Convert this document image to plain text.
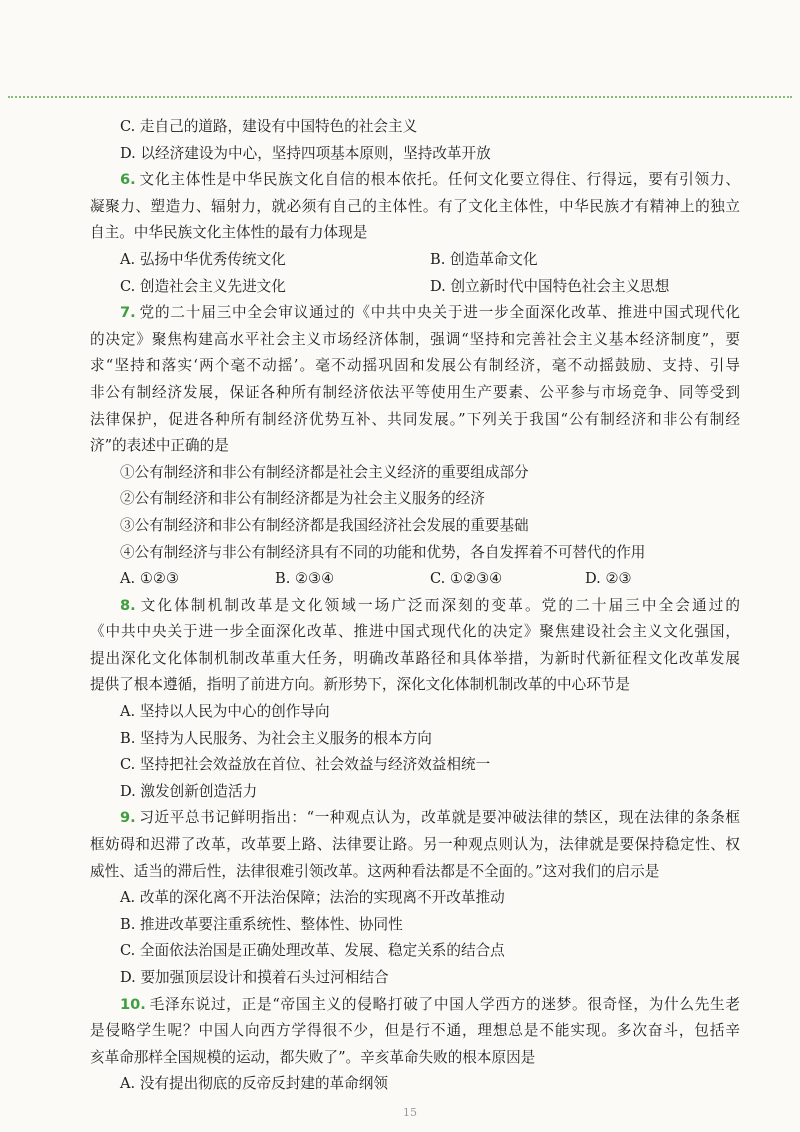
C. 走自己的道路，建设有中国特色的社会主义
D. 以经济建设为中心，坚持四项基本原则，坚持改革开放
6. 文化主体性是中华民族文化自信的根本依托。任何文化要立得住、行得远，要有引领力、
凝聚力、塑造力、辐射力，就必须有自己的主体性。有了文化主体性，中华民族才有精神上的独立
自主。中华民族文化主体性的最有力体现是
A. 弘扬中华优秀传统文化	B. 创造革命文化
C. 创造社会主义先进文化	D. 创立新时代中国特色社会主义思想
7. 党的二十届三中全会审议通过的《中共中央关于进一步全面深化改革、推进中国式现代化
的决定》聚焦构建高水平社会主义市场经济体制，强调“坚持和完善社会主义基本经济制度”，要
求“坚持和落实‘两个毫不动摇’。毫不动摇巩固和发展公有制经济，毫不动摇鼓励、支持、引导
非公有制经济发展，保证各种所有制经济依法平等使用生产要素、公平参与市场竞争、同等受到
法律保护，促进各种所有制经济优势互补、共同发展。”下列关于我国“公有制经济和非公有制经
济”的表述中正确的是
①公有制经济和非公有制经济都是社会主义经济的重要组成部分
②公有制经济和非公有制经济都是为社会主义服务的经济
③公有制经济和非公有制经济都是我国经济社会发展的重要基础
④公有制经济与非公有制经济具有不同的功能和优势，各自发挥着不可替代的作用
A. ①②③	B. ②③④	C. ①②③④	D. ②③
8. 文化体制机制改革是文化领域一场广泛而深刻的变革。党的二十届三中全会通过的
《中共中央关于进一步全面深化改革、推进中国式现代化的决定》聚焦建设社会主义文化强国，
提出深化文化体制机制改革重大任务，明确改革路径和具体举措，为新时代新征程文化改革发展
提供了根本遵循，指明了前进方向。新形势下，深化文化体制机制改革的中心环节是
A. 坚持以人民为中心的创作导向
B. 坚持为人民服务、为社会主义服务的根本方向
C. 坚持把社会效益放在首位、社会效益与经济效益相统一
D. 激发创新创造活力
9. 习近平总书记鲜明指出：“一种观点认为，改革就是要冲破法律的禁区，现在法律的条条框
框妨碍和迟滞了改革，改革要上路、法律要让路。另一种观点则认为，法律就是要保持稳定性、权
威性、适当的滞后性，法律很难引领改革。这两种看法都是不全面的。”这对我们的启示是
A. 改革的深化离不开法治保障；法治的实现离不开改革推动
B. 推进改革要注重系统性、整体性、协同性
C. 全面依法治国是正确处理改革、发展、稳定关系的结合点
D. 要加强顶层设计和摸着石头过河相结合
10. 毛泽东说过，正是“帝国主义的侵略打破了中国人学西方的迷梦。很奇怪，为什么先生老
是侵略学生呢？中国人向西方学得很不少，但是行不通，理想总是不能实现。多次奋斗，包括辛
亥革命那样全国规模的运动，都失败了”。辛亥革命失败的根本原因是
A. 没有提出彻底的反帝反封建的革命纲领
15
